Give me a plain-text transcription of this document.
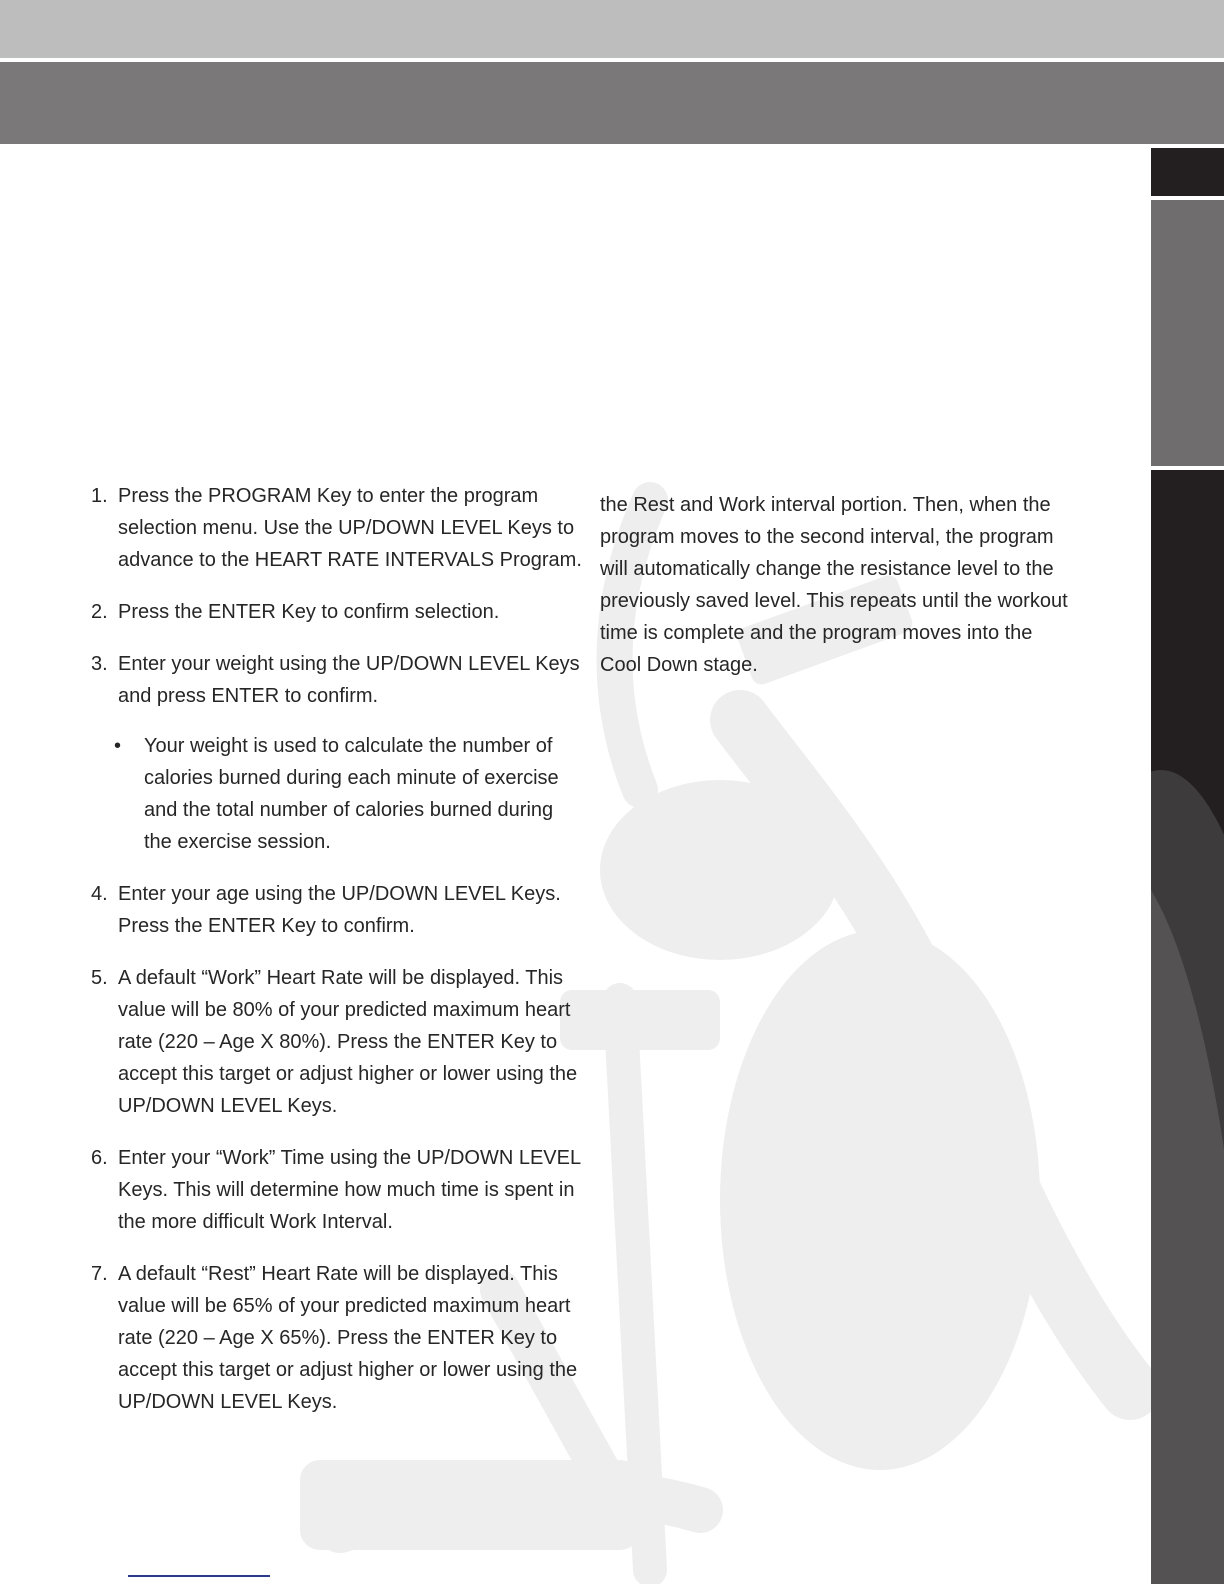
1. Press the PROGRAM Key to enter the program selection menu. Use the UP/DOWN LEVEL Keys to advance to the HEART RATE INTERVALS Program.
2. Press the ENTER Key to confirm selection.
3. Enter your weight using the UP/DOWN LEVEL Keys and press ENTER to confirm.
• Your weight is used to calculate the number of calories burned during each minute of exercise and the total number of calories burned during the exercise session.
4. Enter your age using the UP/DOWN LEVEL Keys. Press the ENTER Key to confirm.
5. A default “Work” Heart Rate will be displayed. This value will be 80% of your predicted maximum heart rate (220 – Age X 80%). Press the ENTER Key to accept this target or adjust higher or lower using the UP/DOWN LEVEL Keys.
6. Enter your “Work” Time using the UP/DOWN LEVEL Keys. This will determine how much time is spent in the more difficult Work Interval.
7. A default “Rest” Heart Rate will be displayed. This value will be 65% of your predicted maximum heart rate (220 – Age X 65%). Press the ENTER Key to accept this target or adjust higher or lower using the UP/DOWN LEVEL Keys.
the Rest and Work interval portion. Then, when the program moves to the second interval, the program will automatically change the resistance level to the previously saved level. This repeats until the workout time is complete and the program moves into the Cool Down stage.
